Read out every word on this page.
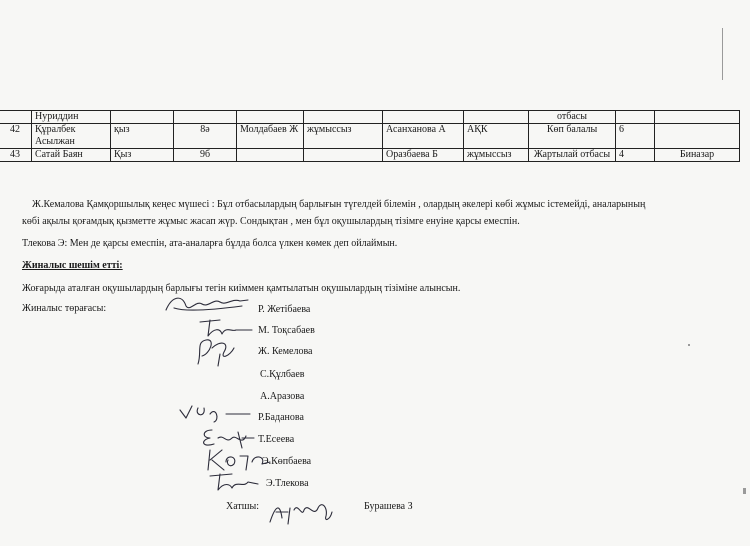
	Нуриддин							отбасы		
42	Құралбек Асылжан	қыз	8ә	Молдабаев Ж	жұмыссыз	Асанханова А	АҚК	Көп балалы	6	
43	Сатай Баян	Қыз	9б			Оразбаева Б	жұмыссыз	Жартылай отбасы	4	Биназар
Ж.Кемалова Қамқоршылық кеңес мүшесі : Бұл отбасылардың барлығын түгелдей білемін , олардың әкелері көбі жұмыс істемейді, аналарының көбі ақылы қоғамдық қызметте жұмыс жасап жүр. Сондықтан , мен бұл оқушылардың тізімге енуіне қарсы емеспін.
Тлекова Э: Мен де қарсы емеспін, ата-аналарға бұлда болса үлкен көмек деп ойлаймын.
Жиналыс шешім етті:
Жоғарыда аталған оқушылардың барлығы тегін киіммен қамтылатын оқушылардың тізіміне алынсын.
Жиналыс төрағасы:	Р. Жетібаева
М. Тоқсабаев
Ж. Кемелова
С.Құлбаев
А.Аразова
Р.Баданова
Т.Есеева
Э.Көпбаева
Э.Тлекова
Хатшы:	Бурашева З
